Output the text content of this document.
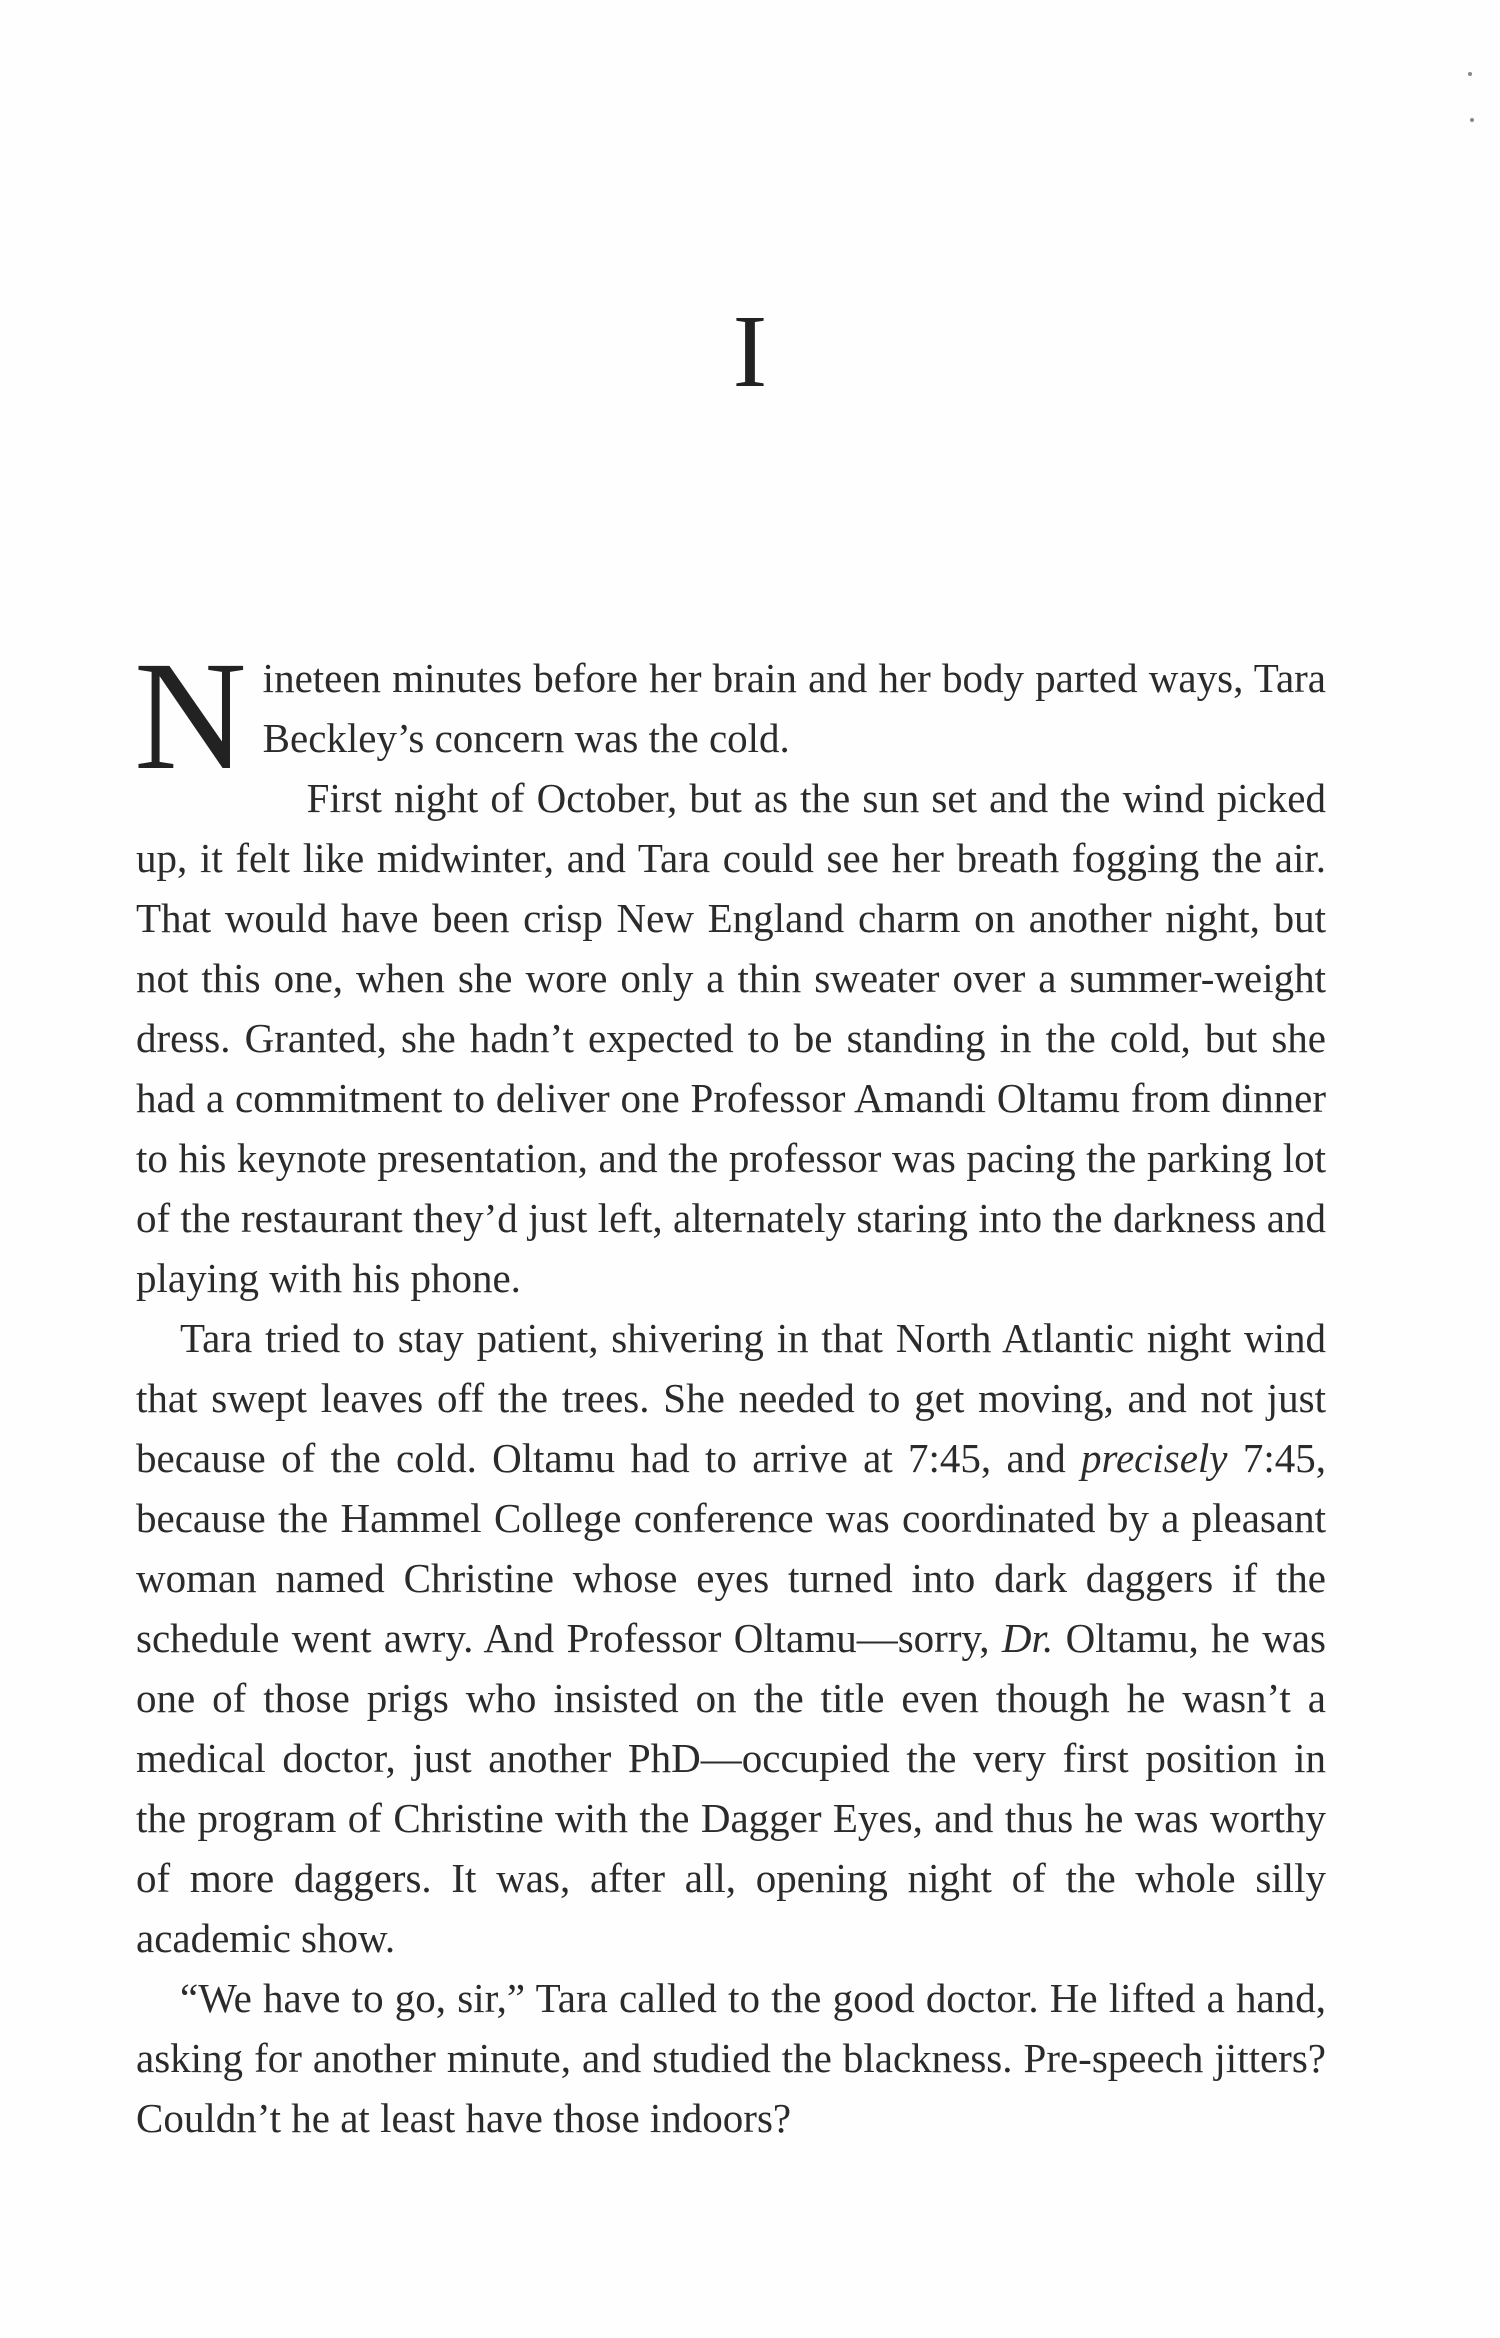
I

Nineteen minutes before her brain and her body parted ways, Tara Beckley’s concern was the cold.

First night of October, but as the sun set and the wind picked up, it felt like midwinter, and Tara could see her breath fogging the air. That would have been crisp New England charm on another night, but not this one, when she wore only a thin sweater over a summer-weight dress. Granted, she hadn’t expected to be standing in the cold, but she had a commitment to deliver one Professor Amandi Oltamu from dinner to his keynote presentation, and the professor was pacing the parking lot of the restaurant they’d just left, alternately staring into the darkness and playing with his phone.

Tara tried to stay patient, shivering in that North Atlantic night wind that swept leaves off the trees. She needed to get moving, and not just because of the cold. Oltamu had to arrive at 7:45, and precisely 7:45, because the Hammel College conference was coordinated by a pleasant woman named Christine whose eyes turned into dark daggers if the schedule went awry. And Professor Oltamu—sorry, Dr. Oltamu, he was one of those prigs who insisted on the title even though he wasn’t a medical doctor, just another PhD—occupied the very first position in the program of Christine with the Dagger Eyes, and thus he was worthy of more daggers. It was, after all, opening night of the whole silly academic show.

“We have to go, sir,” Tara called to the good doctor. He lifted a hand, asking for another minute, and studied the blackness. Pre-speech jitters? Couldn’t he at least have those indoors?
